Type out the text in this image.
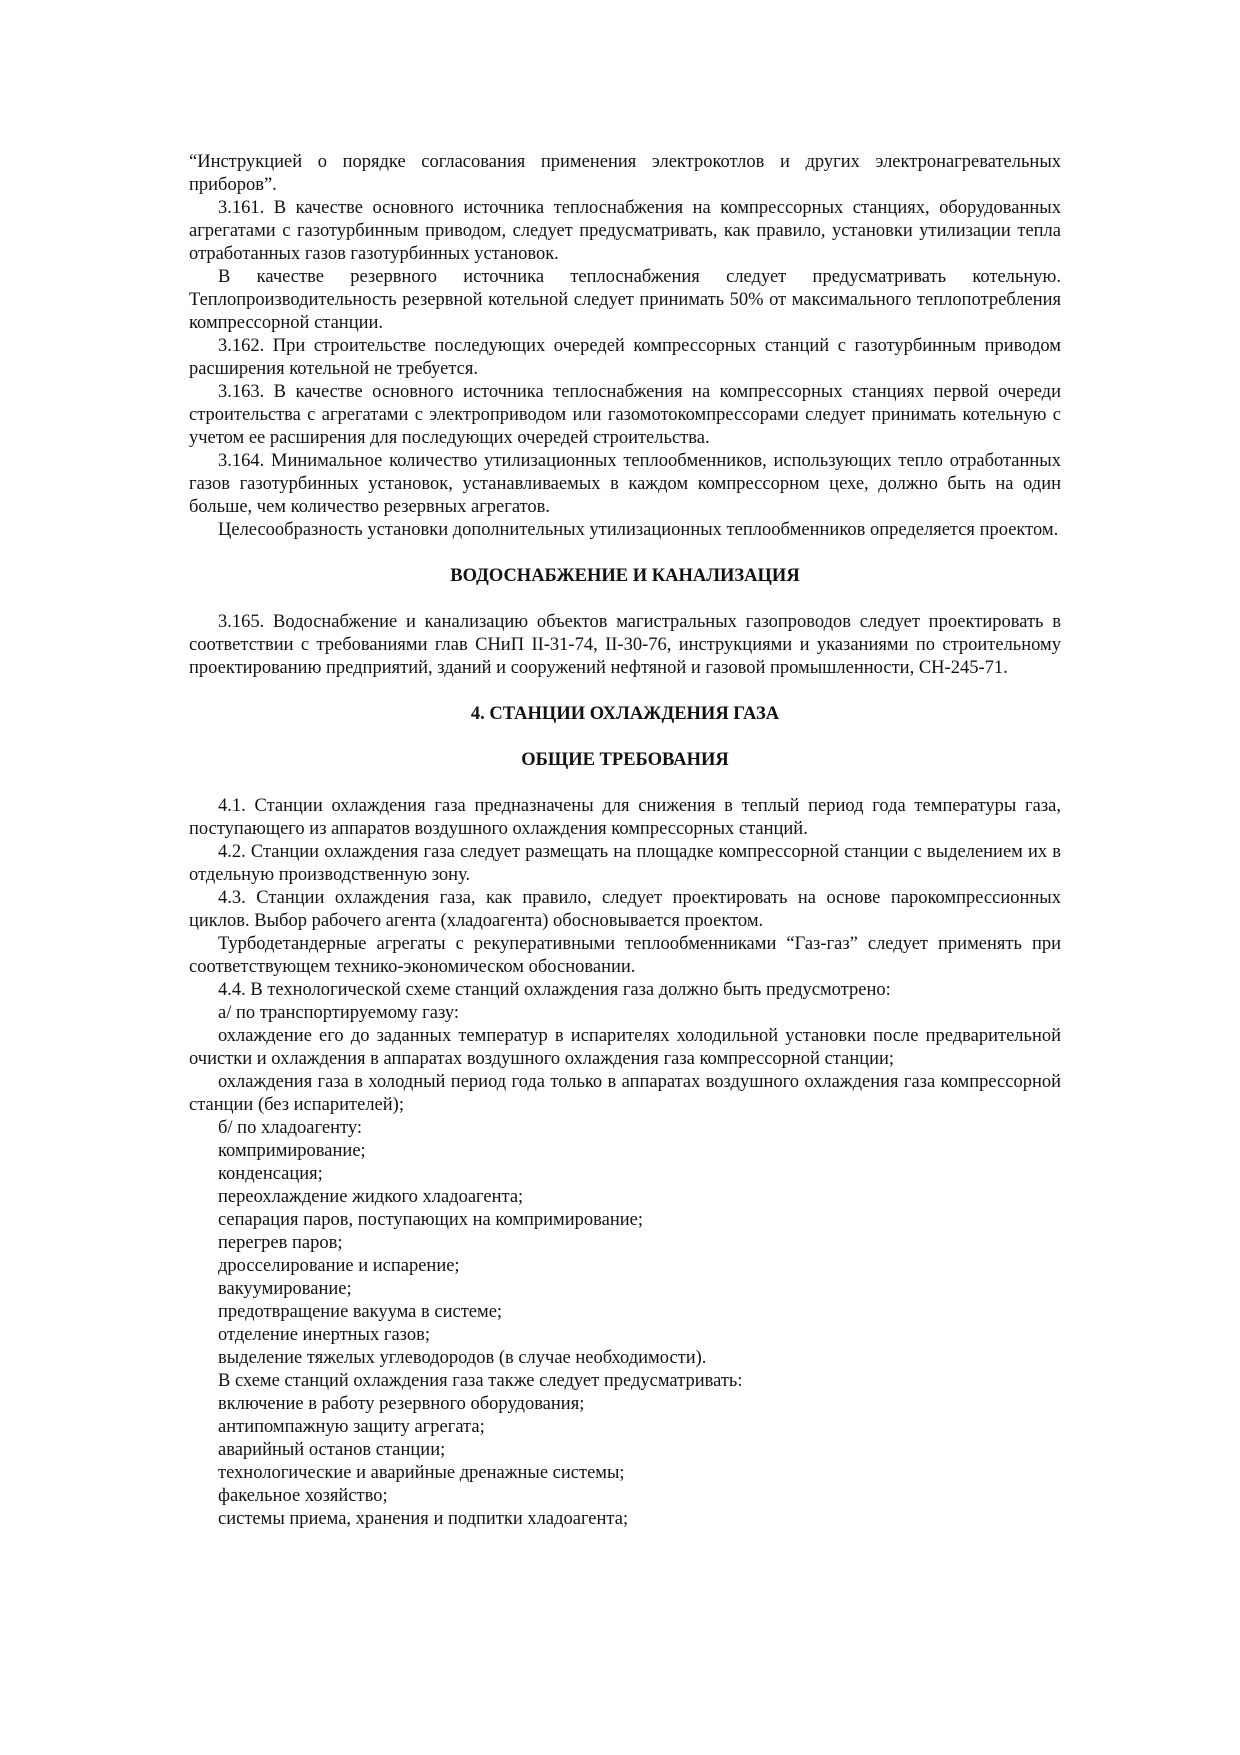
“Инструкцией о порядке согласования применения электрокотлов и других электронагревательных приборов”.

3.161. В качестве основного источника теплоснабжения на компрессорных станциях, оборудованных агрегатами с газотурбинным приводом, следует предусматривать, как правило, установки утилизации тепла отработанных газов газотурбинных установок.

В качестве резервного источника теплоснабжения следует предусматривать котельную. Теплопроизводительность резервной котельной следует принимать 50% от максимального теплопотребления компрессорной станции.

3.162. При строительстве последующих очередей компрессорных станций с газотурбинным приводом расширения котельной не требуется.

3.163. В качестве основного источника теплоснабжения на компрессорных станциях первой очереди строительства с агрегатами с электроприводом или газомотокомпрессорами следует принимать котельную с учетом ее расширения для последующих очередей строительства.

3.164. Минимальное количество утилизационных теплообменников, использующих тепло отработанных газов газотурбинных установок, устанавливаемых в каждом компрессорном цехе, должно быть на один больше, чем количество резервных агрегатов.

Целесообразность установки дополнительных утилизационных теплообменников определяется проектом.

ВОДОСНАБЖЕНИЕ И КАНАЛИЗАЦИЯ

3.165. Водоснабжение и канализацию объектов магистральных газопроводов следует проектировать в соответствии с требованиями глав СНиП II-31-74, II-30-76, инструкциями и указаниями по строительному проектированию предприятий, зданий и сооружений нефтяной и газовой промышленности, СН-245-71.

4. СТАНЦИИ ОХЛАЖДЕНИЯ ГАЗА
ОБЩИЕ ТРЕБОВАНИЯ

4.1. Станции охлаждения газа предназначены для снижения в теплый период года температуры газа, поступающего из аппаратов воздушного охлаждения компрессорных станций.

4.2. Станции охлаждения газа следует размещать на площадке компрессорной станции с выделением их в отдельную производственную зону.

4.3. Станции охлаждения газа, как правило, следует проектировать на основе парокомпрессионных циклов. Выбор рабочего агента (хладоагента) обосновывается проектом.

Турбодетандерные агрегаты с рекуперативными теплообменниками “Газ-газ” следует применять при соответствующем технико-экономическом обосновании.

4.4. В технологической схеме станций охлаждения газа должно быть предусмотрено:

а/ по транспортируемому газу:

охлаждение его до заданных температур в испарителях холодильной установки после предварительной очистки и охлаждения в аппаратах воздушного охлаждения газа компрессорной станции;

охлаждения газа в холодный период года только в аппаратах воздушного охлаждения газа компрессорной станции (без испарителей);

б/ по хладоагенту:

компримирование;

конденсация;

переохлаждение жидкого хладоагента;

сепарация паров, поступающих на компримирование;

перегрев паров;

дросселирование и испарение;

вакуумирование;

предотвращение вакуума в системе;

отделение инертных газов;

выделение тяжелых углеводородов (в случае необходимости).

В схеме станций охлаждения газа также следует предусматривать:

включение в работу резервного оборудования;

антипомпажную защиту агрегата;

аварийный останов станции;

технологические и аварийные дренажные системы;

факельное хозяйство;

системы приема, хранения и подпитки хладоагента;
